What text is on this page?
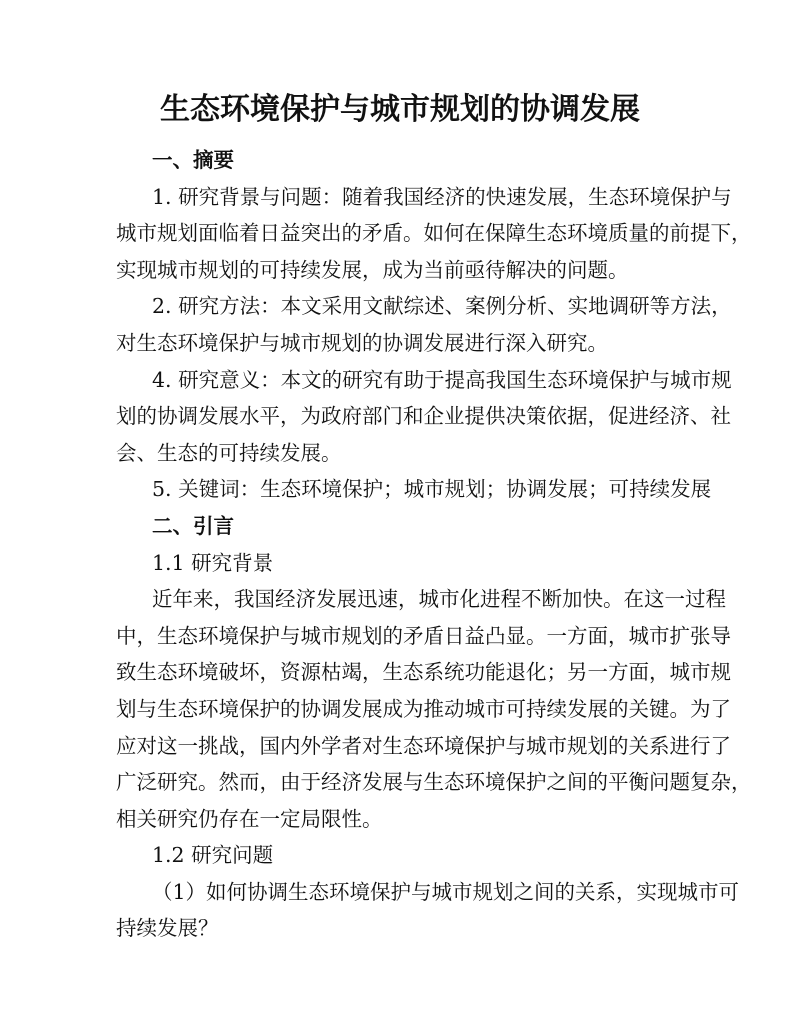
生态环境保护与城市规划的协调发展
一、摘要
1. 研究背景与问题：随着我国经济的快速发展，生态环境保护与
城市规划面临着日益突出的矛盾。如何在保障生态环境质量的前提下，
实现城市规划的可持续发展，成为当前亟待解决的问题。
2. 研究方法：本文采用文献综述、案例分析、实地调研等方法，
对生态环境保护与城市规划的协调发展进行深入研究。
4. 研究意义：本文的研究有助于提高我国生态环境保护与城市规
划的协调发展水平，为政府部门和企业提供决策依据，促进经济、社
会、生态的可持续发展。
5. 关键词：生态环境保护；城市规划；协调发展；可持续发展
二、引言
1.1 研究背景
近年来，我国经济发展迅速，城市化进程不断加快。在这一过程
中，生态环境保护与城市规划的矛盾日益凸显。一方面，城市扩张导
致生态环境破坏，资源枯竭，生态系统功能退化；另一方面，城市规
划与生态环境保护的协调发展成为推动城市可持续发展的关键。为了
应对这一挑战，国内外学者对生态环境保护与城市规划的关系进行了
广泛研究。然而，由于经济发展与生态环境保护之间的平衡问题复杂，
相关研究仍存在一定局限性。
1.2 研究问题
（1）如何协调生态环境保护与城市规划之间的关系，实现城市可
持续发展？
